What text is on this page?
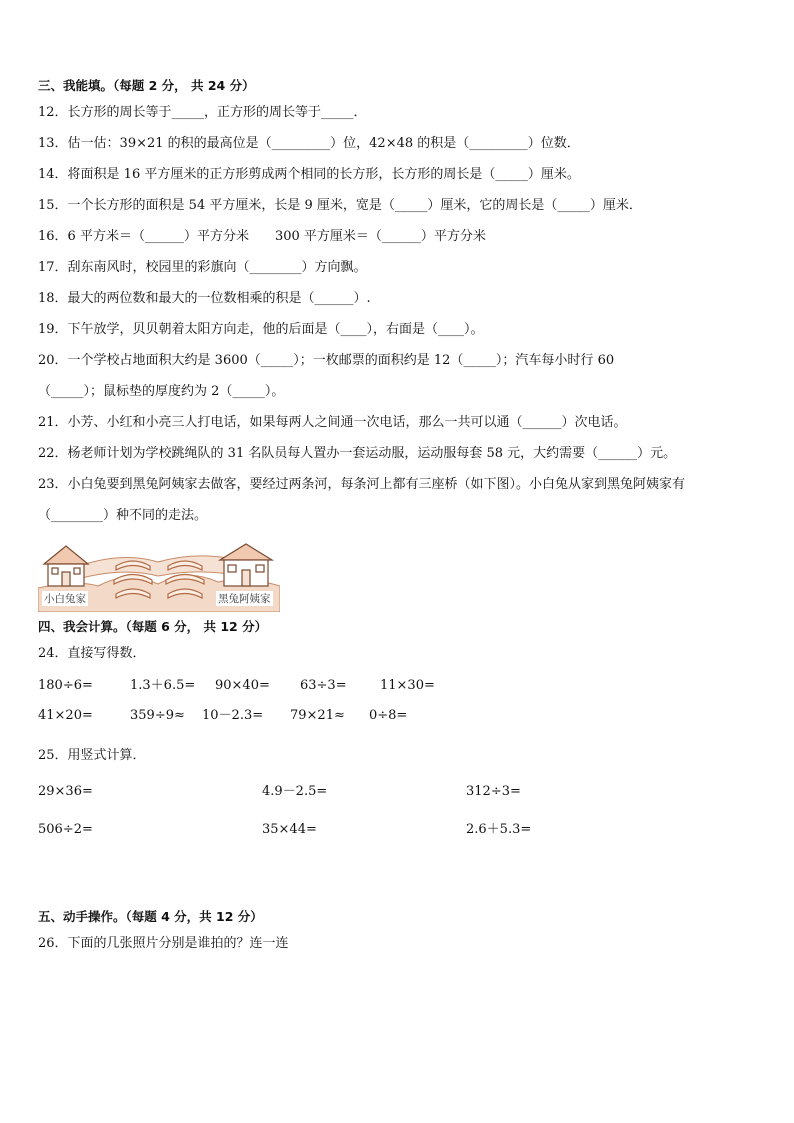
三、我能填。（每题 2 分， 共 24 分）
12．长方形的周长等于_____，正方形的周长等于_____．
13．估一估：39×21 的积的最高位是（_________）位，42×48 的积是（_________）位数．
14．将面积是 16 平方厘米的正方形剪成两个相同的长方形，长方形的周长是（_____）厘米。
15．一个长方形的面积是 54 平方厘米，长是 9 厘米，宽是（_____）厘米，它的周长是（_____）厘米．
16．6 平方米＝（______）平方分米　　300 平方厘米＝（______）平方分米
17．刮东南风时，校园里的彩旗向（________）方向飘。
18．最大的两位数和最大的一位数相乘的积是（______）.
19．下午放学，贝贝朝着太阳方向走，他的后面是（____），右面是（____）。
20．一个学校占地面积大约是 3600（_____）；一枚邮票的面积约是 12（_____）；汽车每小时行 60
（_____）；鼠标垫的厚度约为 2（_____）。
21．小芳、小红和小亮三人打电话，如果每两人之间通一次电话，那么一共可以通（______）次电话。
22．杨老师计划为学校跳绳队的 31 名队员每人置办一套运动服，运动服每套 58 元，大约需要（______）元。
23．小白兔要到黑兔阿姨家去做客，要经过两条河，每条河上都有三座桥（如下图）。小白兔从家到黑兔阿姨家有
（________）种不同的走法。
小白兔家	黑兔阿姨家
四、我会计算。（每题 6 分， 共 12 分）
24．直接写得数．
180÷6=	1.3＋6.5= 90×40= 63÷3=	11×30=
41×20=	359÷9≈ 10－2.3= 79×21≈ 0÷8=
25．用竖式计算．
29×36=	4.9－2.5=	312÷3=
506÷2=	35×44=	2.6＋5.3=
五、动手操作。（每题 4 分，共 12 分）
26．下面的几张照片分别是谁拍的？连一连
